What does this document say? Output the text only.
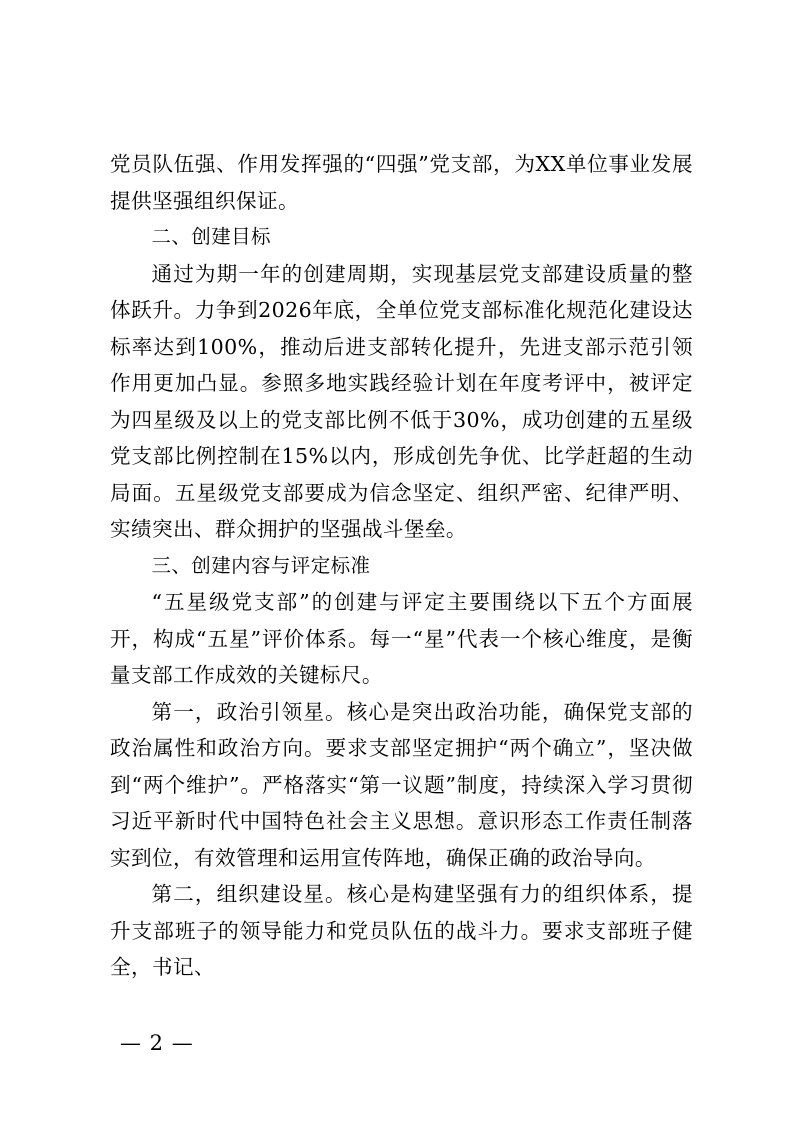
党员队伍强、作用发挥强的“四强”党支部，为XX单位事业发展提供坚强组织保证。

二、创建目标

通过为期一年的创建周期，实现基层党支部建设质量的整体跃升。力争到2026年底，全单位党支部标准化规范化建设达标率达到100%，推动后进支部转化提升，先进支部示范引领作用更加凸显。参照多地实践经验计划在年度考评中，被评定为四星级及以上的党支部比例不低于30%，成功创建的五星级党支部比例控制在15%以内，形成创先争优、比学赶超的生动局面。五星级党支部要成为信念坚定、组织严密、纪律严明、实绩突出、群众拥护的坚强战斗堡垒。

三、创建内容与评定标准

“五星级党支部”的创建与评定主要围绕以下五个方面展开，构成“五星”评价体系。每一“星”代表一个核心维度，是衡量支部工作成效的关键标尺。

第一，政治引领星。核心是突出政治功能，确保党支部的政治属性和政治方向。要求支部坚定拥护“两个确立”，坚决做到“两个维护”。严格落实“第一议题”制度，持续深入学习贯彻习近平新时代中国特色社会主义思想。意识形态工作责任制落实到位，有效管理和运用宣传阵地，确保正确的政治导向。

第二，组织建设星。核心是构建坚强有力的组织体系，提升支部班子的领导能力和党员队伍的战斗力。要求支部班子健全，书记、

— 2 —
